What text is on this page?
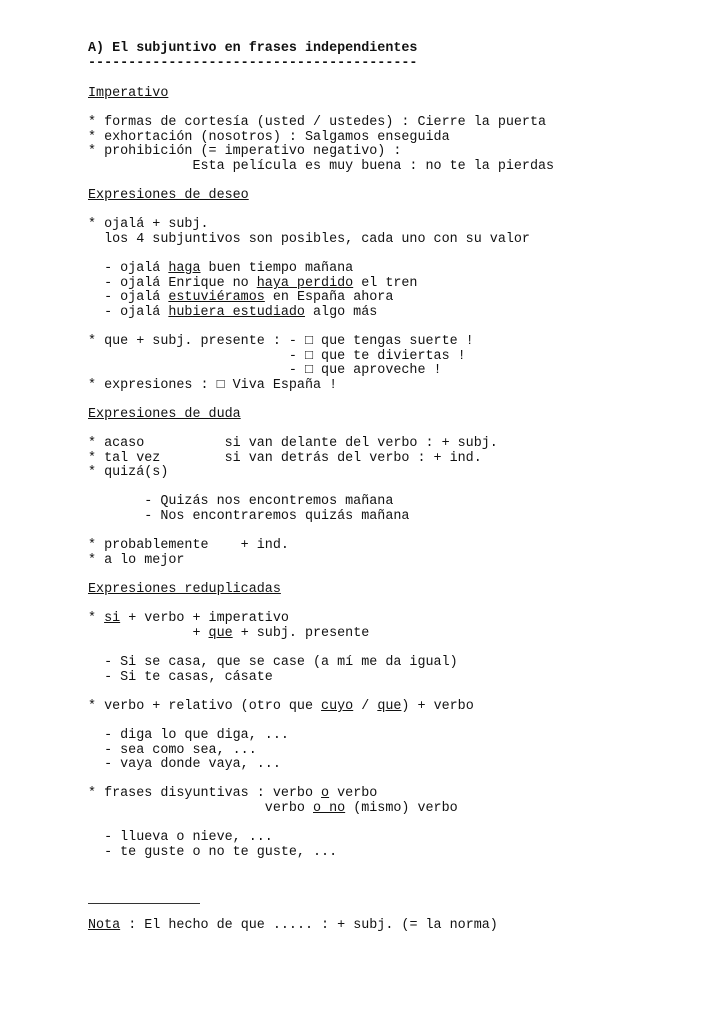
A) El subjuntivo en frases independientes
-----------------------------------------
Imperativo
* formas de cortesía (usted / ustedes) : Cierre la puerta
* exhortación (nosotros) : Salgamos enseguida
* prohibición (= imperativo negativo) :
Esta película es muy buena : no te la pierdas
Expresiones de deseo
* ojalá + subj.
los 4 subjuntivos son posibles, cada uno con su valor
- ojalá haga buen tiempo mañana
- ojalá Enrique no haya perdido el tren
- ojalá estuviéramos en España ahora
- ojalá hubiera estudiado algo más
* que + subj. presente : - □ que tengas suerte !
- □ que te diviertas !
- □ que aproveche !
* expresiones : □ Viva España !
Expresiones de duda
* acaso          si van delante del verbo : + subj.
* tal vez        si van detrás del verbo : + ind.
* quizá(s)
- Quizás nos encontremos mañana
- Nos encontraremos quizás mañana
* probablemente    + ind.
* a lo mejor
Expresiones reduplicadas
* si + verbo + imperativo
+ que + subj. presente
- Si se casa, que se case (a mí me da igual)
- Si te casas, cásate
* verbo + relativo (otro que cuyo / que) + verbo
- diga lo que diga, ...
- sea como sea, ...
- vaya donde vaya, ...
* frases disyuntivas : verbo o verbo
verbo o no (mismo) verbo
- llueva o nieve, ...
- te guste o no te guste, ...
Nota : El hecho de que ..... : + subj. (= la norma)
